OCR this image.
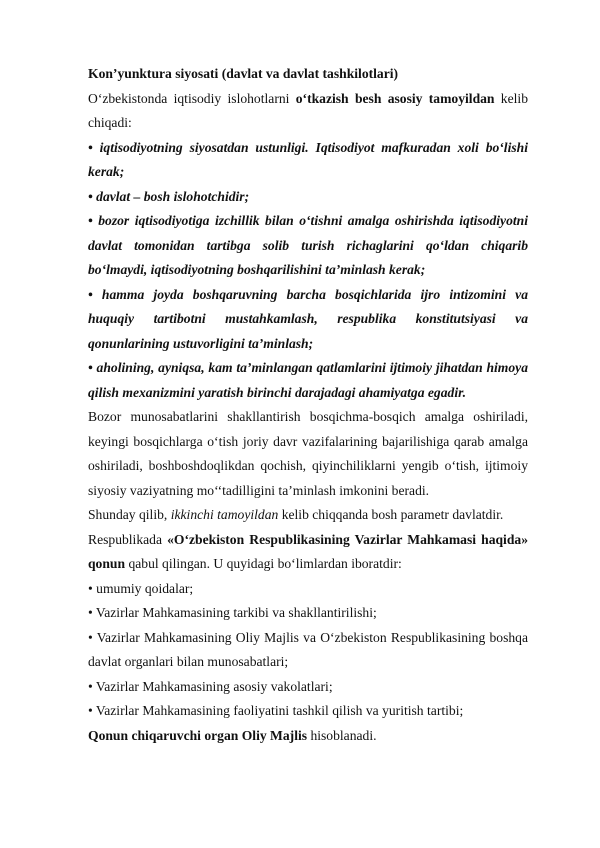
Kon’yunktura siyosati (davlat va davlat tashkilotlari)

O‘zbekistonda iqtisodiy islohotlarni o‘tkazish besh asosiy tamoyildan kelib chiqadi:

• iqtisodiyotning siyosatdan ustunligi. Iqtisodiyot mafkuradan xoli bo‘lishi kerak;

• davlat – bosh islohotchidir;

• bozor iqtisodiyotiga izchillik bilan o‘tishni amalga oshirishda iqtisodiyotni davlat tomonidan tartibga solib turish richaglarini qo‘ldan chiqarib bo‘lmaydi, iqtisodiyotning boshqarilishini ta’minlash kerak;

• hamma joyda boshqaruvning barcha bosqichlarida ijro intizomini va huquqiy tartibotni mustahkamlash, respublika konstitutsiyasi va qonunlarining ustuvorligini ta’minlash;

• aholining, ayniqsa, kam ta’minlangan qatlamlarini ijtimoiy jihatdan himoya qilish mexanizmini yaratish birinchi darajadagi ahamiyatga egadir.

Bozor munosabatlarini shakllantirish bosqichma-bosqich amalga oshiriladi, keyingi bosqichlarga o‘tish joriy davr vazifalarining bajarilishiga qarab amalga oshiriladi, boshboshdoqlikdan qochish, qiyinchiliklarni yengib o‘tish, ijtimoiy siyosiy vaziyatning mo‘‘tadilligini ta’minlash imkonini beradi.

Shunday qilib, ikkinchi tamoyildan kelib chiqqanda bosh parametr davlatdir.

Respublikada «O‘zbekiston Respublikasining Vazirlar Mahkamasi haqida» qonun qabul qilingan. U quyidagi bo‘limlardan iboratdir:

• umumiy qoidalar;

• Vazirlar Mahkamasining tarkibi va shakllantirilishi;

• Vazirlar Mahkamasining Oliy Majlis va O‘zbekiston Respublikasining boshqa davlat organlari bilan munosabatlari;

• Vazirlar Mahkamasining asosiy vakolatlari;

• Vazirlar Mahkamasining faoliyatini tashkil qilish va yuritish tartibi;

Qonun chiqaruvchi organ Oliy Majlis hisoblanadi.
